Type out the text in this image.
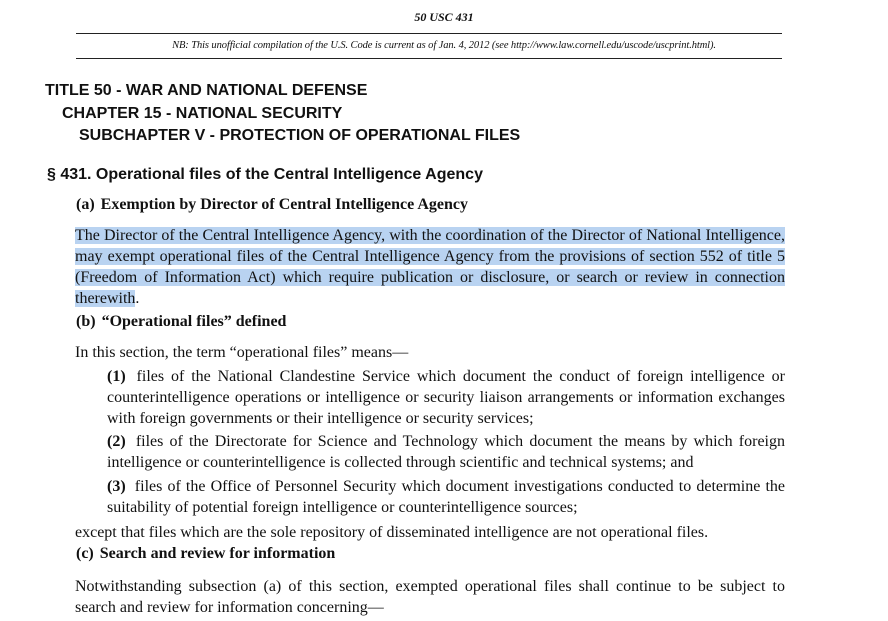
50 USC 431
NB: This unofficial compilation of the U.S. Code is current as of Jan. 4, 2012 (see http://www.law.cornell.edu/uscode/uscprint.html).
TITLE 50 - WAR AND NATIONAL DEFENSE
CHAPTER 15 - NATIONAL SECURITY
SUBCHAPTER V - PROTECTION OF OPERATIONAL FILES
§ 431. Operational files of the Central Intelligence Agency
(a) Exemption by Director of Central Intelligence Agency

The Director of the Central Intelligence Agency, with the coordination of the Director of National Intelligence, may exempt operational files of the Central Intelligence Agency from the provisions of section 552 of title 5 (Freedom of Information Act) which require publication or disclosure, or search or review in connection therewith.

(b) “Operational files” defined

In this section, the term “operational files” means—

(1) files of the National Clandestine Service which document the conduct of foreign intelligence or counterintelligence operations or intelligence or security liaison arrangements or information exchanges with foreign governments or their intelligence or security services;

(2) files of the Directorate for Science and Technology which document the means by which foreign intelligence or counterintelligence is collected through scientific and technical systems; and

(3) files of the Office of Personnel Security which document investigations conducted to determine the suitability of potential foreign intelligence or counterintelligence sources;

except that files which are the sole repository of disseminated intelligence are not operational files.

(c) Search and review for information

Notwithstanding subsection (a) of this section, exempted operational files shall continue to be subject to search and review for information concerning—
